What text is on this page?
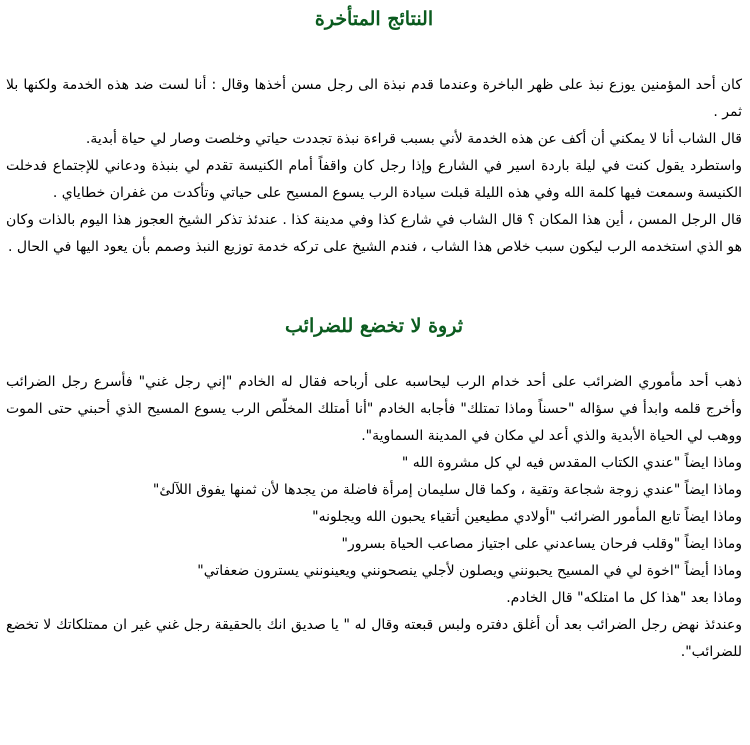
النتائج المتأخرة

كان أحد المؤمنين يوزع نبذ على ظهر الباخرة وعندما قدم نبذة الى رجل مسن أخذها وقال : أنا لست ضد هذه الخدمة ولكنها بلا ثمر .

قال الشاب أنا لا يمكني أن أكف عن هذه الخدمة لأني بسبب قراءة نبذة تجددت حياتي وخلصت وصار لي حياة أبدية.

واستطرد يقول كنت في ليلة باردة اسير في الشارع وإذا رجل كان واقفاً أمام الكنيسة تقدم لي بنبذة ودعاني للإجتماع فدخلت الكنيسة وسمعت فيها كلمة الله وفي هذه الليلة قبلت سيادة الرب يسوع المسيح على حياتي وتأكدت من غفران خطاياي .

قال الرجل المسن ، أين هذا المكان ؟ قال الشاب في شارع كذا وفي مدينة كذا . عندئذ تذكر الشيخ العجوز هذا اليوم بالذات وكان هو الذي استخدمه الرب ليكون سبب خلاص هذا الشاب ، فندم الشيخ على تركه خدمة توزيع النبذ وصمم بأن يعود اليها في الحال .

ثروة لا تخضع للضرائب

ذهب أحد مأموري الضرائب على أحد خدام الرب ليحاسبه على أرباحه فقال له الخادم "إني رجل غني" فأسرع رجل الضرائب وأخرج قلمه وابدأ في سؤاله "حسناً وماذا تمتلك" فأجابه الخادم "أنا أمتلك المخلّص الرب يسوع المسيح الذي أحبني حتى الموت ووهب لي الحياة الأبدية والذي أعد لي مكان في المدينة السماوية".

وماذا ايضاً "عندي الكتاب المقدس فيه لي كل مشروة الله "

وماذا ايضاً "عندي زوجة شجاعة وتقية ، وكما قال سليمان إمرأة فاضلة من يجدها لأن ثمنها يفوق اللآلئ"

وماذا ايضاً تابع المأمور الضرائب "أولادي مطيعين أتقياء يحبون الله ويجلونه"

وماذا ايضاً "وقلب فرحان يساعدني على اجتياز مصاعب الحياة بسرور"

وماذا أيضاً "اخوة لي في المسيح يحبونني ويصلون لأجلي ينصحونني ويعينونني يسترون ضعفاتي"

وماذا بعد "هذا كل ما امتلكه" قال الخادم.

وعندئذ نهض رجل الضرائب بعد أن أغلق دفتره ولبس قبعته وقال له " يا صديق انك بالحقيقة رجل غني غير ان ممتلكاتك لا تخضع للضرائب".
